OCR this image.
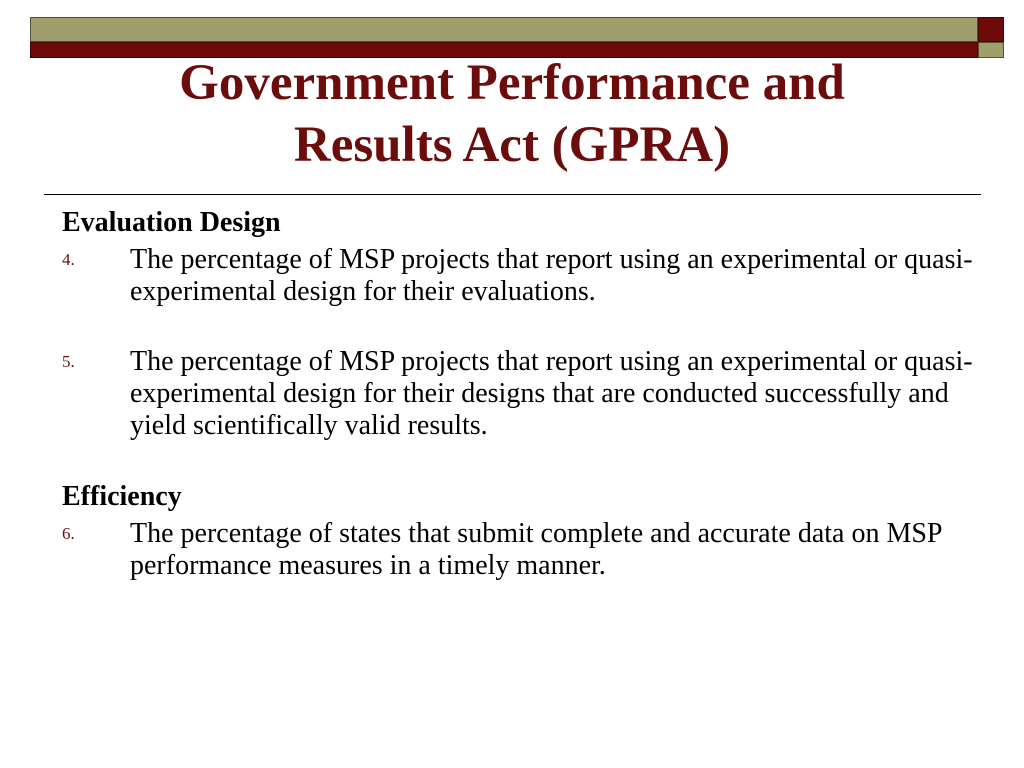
Government Performance and
Results Act (GPRA)

Evaluation Design

4. The percentage of MSP projects that report using an experimental or quasi-experimental design for their evaluations.
5. The percentage of MSP projects that report using an experimental or quasi-experimental design for their designs that are conducted successfully and yield scientifically valid results.

Efficiency

6. The percentage of states that submit complete and accurate data on MSP performance measures in a timely manner.
